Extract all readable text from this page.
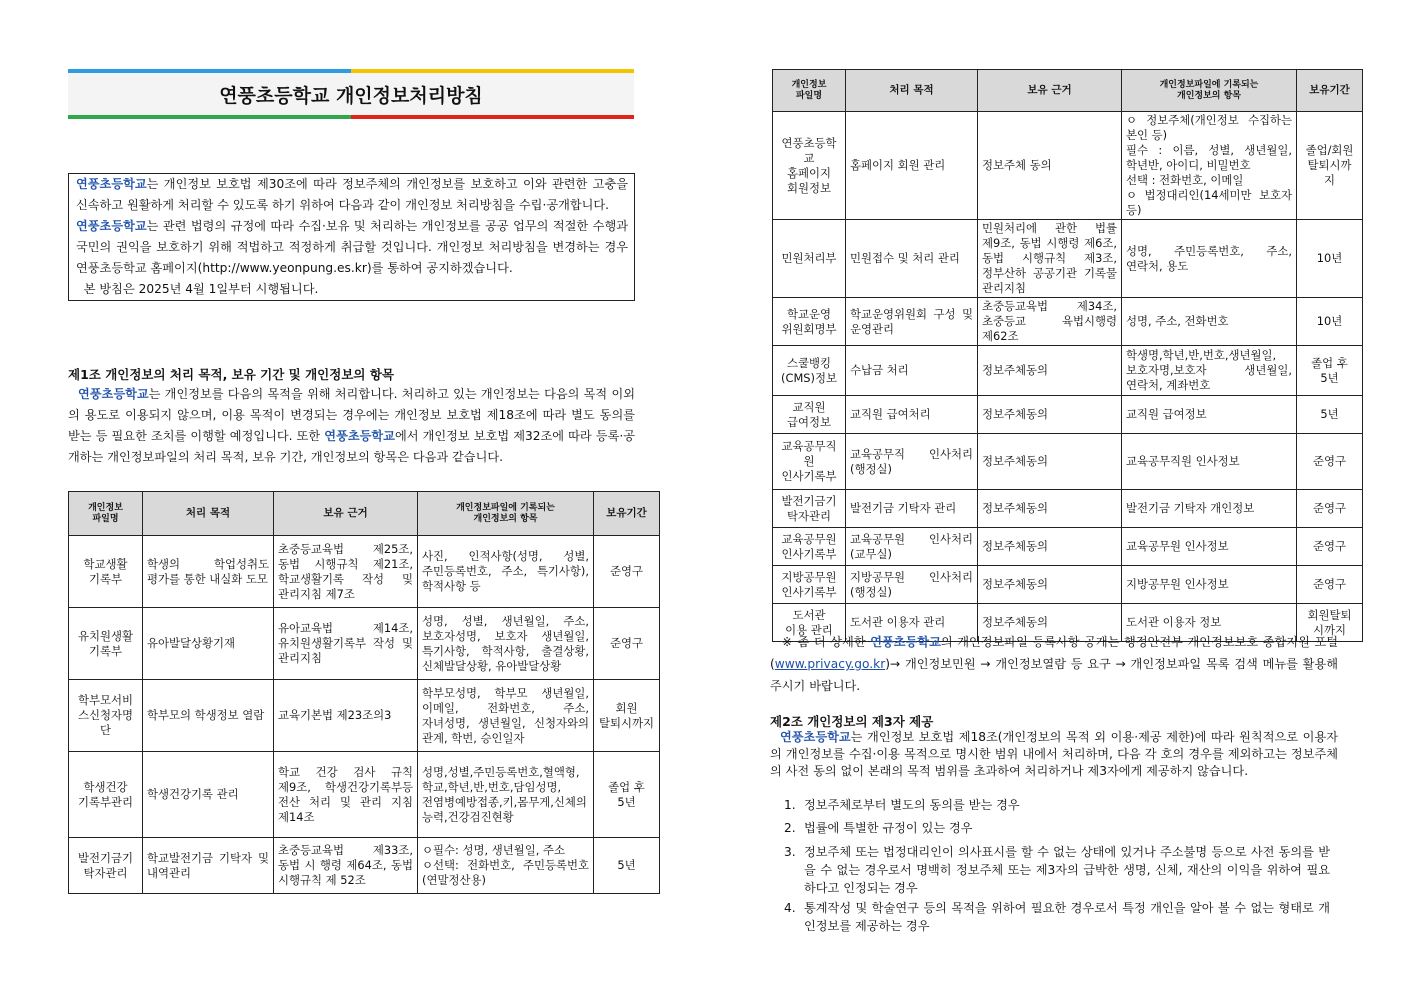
연풍초등학교 개인정보처리방침

연풍초등학교는 개인정보 보호법 제30조에 따라 정보주체의 개인정보를 보호하고 이와 관련한 고충을 신속하고 원활하게 처리할 수 있도록 하기 위하여 다음과 같이 개인정보 처리방침을 수립·공개합니다.

연풍초등학교는 관련 법령의 규정에 따라 수집·보유 및 처리하는 개인정보를 공공 업무의 적절한 수행과 국민의 권익을 보호하기 위해 적법하고 적정하게 취급할 것입니다. 개인정보 처리방침을 변경하는 경우 연풍초등학교 홈페이지(http://www.yeonpung.es.kr)를 통하여 공지하겠습니다.

본 방침은 2025년 4월 1일부터 시행됩니다.

제1조 개인정보의 처리 목적, 보유 기간 및 개인정보의 항목

연풍초등학교는 개인정보를 다음의 목적을 위해 처리합니다. 처리하고 있는 개인정보는 다음의 목적 이외의 용도로 이용되지 않으며, 이용 목적이 변경되는 경우에는 개인정보 보호법 제18조에 따라 별도 동의를 받는 등 필요한 조치를 이행할 예정입니다. 또한 연풍초등학교에서 개인정보 보호법 제32조에 따라 등록·공개하는 개인정보파일의 처리 목적, 보유 기간, 개인정보의 항목은 다음과 같습니다.

개인정보
파일명	처리 목적	보유 근거	개인정보파일에 기록되는
개인정보의 항목	보유기간
학교생활
기록부	학생의 학업성취도 평가를 통한 내실화 도모	초중등교육법 제25조, 동법 시행규칙 제21조, 학교생활기록 작성 및 관리지침 제7조	사진, 인적사항(성명, 성별, 주민등록번호, 주소, 특기사항), 학적사항 등	준영구
유치원생활
기록부	유아발달상황기재	유아교육법 제14조, 유치원생활기록부 작성 및 관리지침	성명, 성별, 생년월일, 주소, 보호자성명, 보호자 생년월일, 특기사항, 학적사항, 출결상황, 신체발달상황, 유아발달상황	준영구
학부모서비
스신청자명
단	학부모의 학생정보 열람	교육기본법 제23조의3	학부모성명, 학부모 생년월일, 이메일, 전화번호, 주소, 자녀성명, 생년월일, 신청자와의 관계, 학번, 승인일자	회원
탈퇴시까지
학생건강
기록부관리	학생건강기록 관리	학교 건강 검사 규칙 제9조, 학생건강기록부등 전산 처리 및 관리 지침 제14조	성명,성별,주민등록번호,혈액형,학교,학년,반,번호,담임성명,전염병예방접종,키,몸무게,신체의 능력,건강검진현황	졸업 후
5년
발전기금기
탁자관리	학교발전기금 기탁자 및 내역관리	초중등교육법 제33조, 동법 시 행령 제64조, 동법 시행규칙 제 52조	ㅇ필수: 성명, 생년월일, 주소
ㅇ선택: 전화번호, 주민등록번호(연말정산용)	5년
개인정보
파일명	처리 목적	보유 근거	개인정보파일에 기록되는
개인정보의 항목	보유기간
연풍초등학교
홈페이지
회원정보	홈페이지 회원 관리	정보주체 동의	ㅇ 정보주체(개인정보 수집하는 본인 등)
필수 : 이름, 성별, 생년월일, 학년반, 아이디, 비밀번호
선택 : 전화번호, 이메일
ㅇ 법정대리인(14세미만 보호자 등)	졸업/회원
탈퇴시까
지
민원처리부	민원접수 및 처리 관리	민원처리에 관한 법률 제9조, 동법 시행령 제6조, 동법 시행규칙 제3조, 정부산하 공공기관 기록물 관리지침	성명, 주민등록번호, 주소, 연락처, 용도	10년
학교운영
위원회명부	학교운영위원회 구성 및 운영관리	초중등교육법 제34조, 초중등교 육법시행령 제62조	성명, 주소, 전화번호	10년
스쿨뱅킹
(CMS)정보	수납금 처리	정보주체동의	학생명,학년,반,번호,생년월일, 보호자명,보호자 생년월일, 연락처, 계좌번호	졸업 후
5년
교직원
급여정보	교직원 급여처리	정보주체동의	교직원 급여정보	5년
교육공무직
원
인사기록부	교육공무직 인사처리(행정실)	정보주체동의	교육공무직원 인사정보	준영구
발전기금기
탁자관리	발전기금 기탁자 관리	정보주체동의	발전기금 기탁자 개인정보	준영구
교육공무원
인사기록부	교육공무원 인사처리(교무실)	정보주체동의	교육공무원 인사정보	준영구
지방공무원
인사기록부	지방공무원 인사처리(행정실)	정보주체동의	지방공무원 인사정보	준영구
도서관
이용 관리	도서관 이용자 관리	정보주체동의	도서관 이용자 정보	회원탈퇴
시까지

※ 좀 더 상세한 연풍초등학교의 개인정보파일 등록사항 공개는 행정안전부 개인정보보호 종합지원 포털(www.privacy.go.kr)→ 개인정보민원 → 개인정보열람 등 요구 → 개인정보파일 목록 검색 메뉴를 활용해 주시기 바랍니다.

제2조 개인정보의 제3자 제공

연풍초등학교는 개인정보 보호법 제18조(개인정보의 목적 외 이용·제공 제한)에 따라 원칙적으로 이용자의 개인정보를 수집·이용 목적으로 명시한 범위 내에서 처리하며, 다음 각 호의 경우를 제외하고는 정보주체의 사전 동의 없이 본래의 목적 범위를 초과하여 처리하거나 제3자에게 제공하지 않습니다.

1. 정보주체로부터 별도의 동의를 받는 경우
2. 법률에 특별한 규정이 있는 경우
3. 정보주체 또는 법정대리인이 의사표시를 할 수 없는 상태에 있거나 주소불명 등으로 사전 동의를 받을 수 없는 경우로서 명백히 정보주체 또는 제3자의 급박한 생명, 신체, 재산의 이익을 위하여 필요하다고 인정되는 경우
4. 통계작성 및 학술연구 등의 목적을 위하여 필요한 경우로서 특정 개인을 알아 볼 수 없는 형태로 개인정보를 제공하는 경우
